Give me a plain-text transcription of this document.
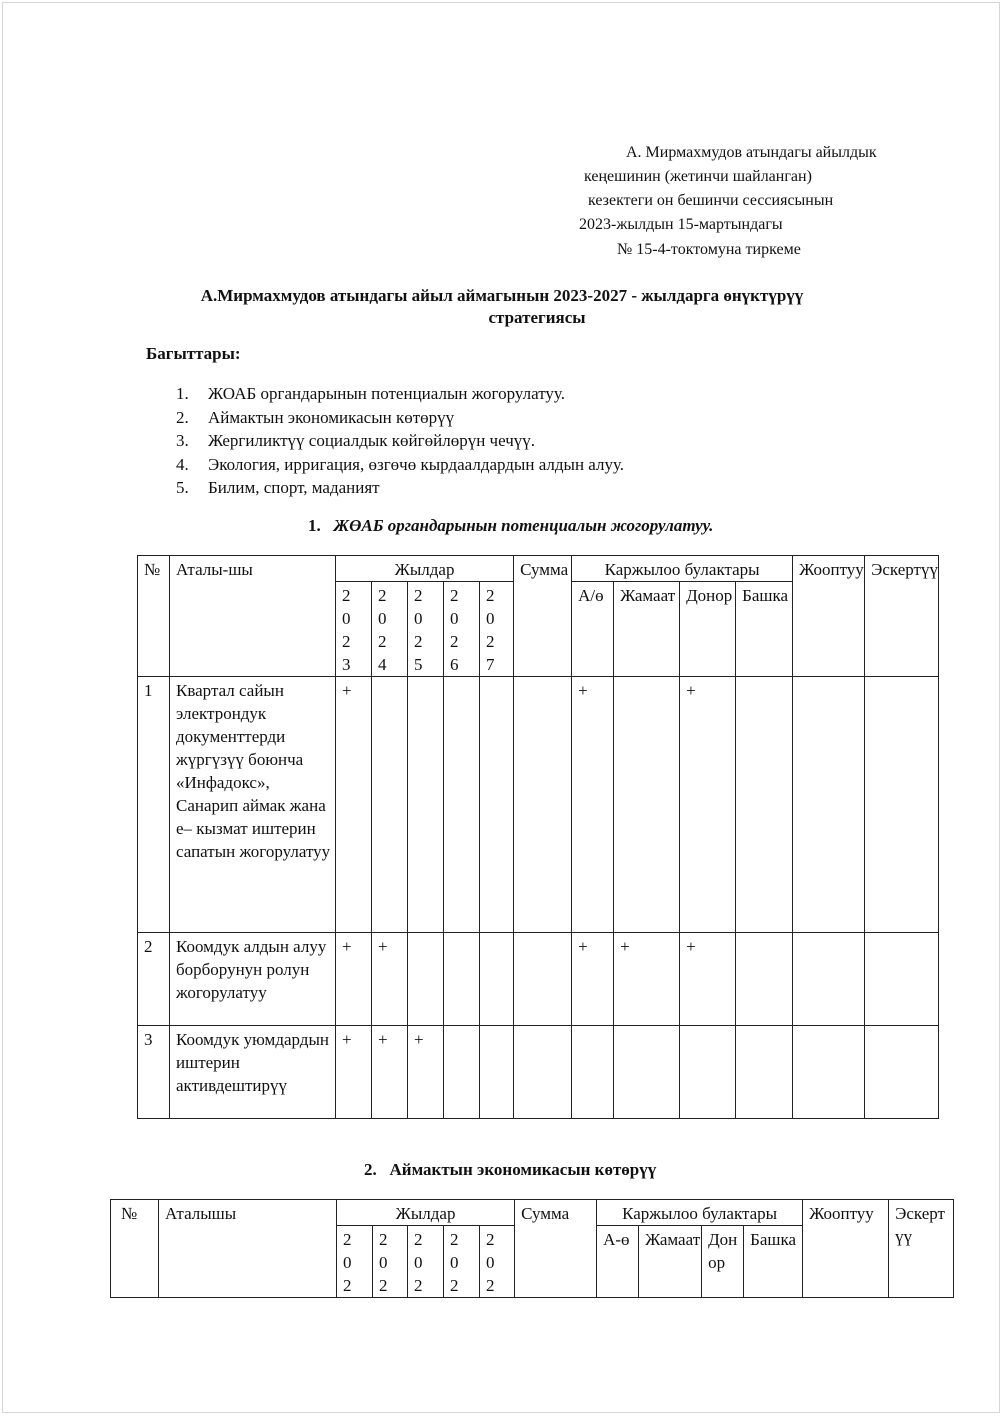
А. Мирмахмудов атындагы айылдык
кеңешинин (жетинчи шайланган)
кезектеги он бешинчи сессиясынын
2023-жылдын 15-мартындагы
№ 15-4-токтомуна тиркеме
А.Мирмахмудов атындагы айыл аймагынын 2023-2027 - жылдарга өнүктүрүү
стратегиясы
Багыттары:
1. ЖОАБ органдарынын потенциалын жогорулатуу.
2. Аймактын экономикасын көтөрүү
3. Жергиликтүү социалдык көйгөйлөрүн чечүү.
4. Экология, ирригация, өзгөчө кырдаалдардын алдын алуу.
5. Билим, спорт, маданият
1. ЖӨАБ органдарынын потенциалын жогорулатуу.
№	Аталы-шы	Жылдар					Сумма	Каржылоо булактары				Жооптуу	Эскертүү

		2023	2024	2025	2026	2027		А/ө	Жамаат	Донор	Башка		
1	Квартал сайын электрондук документтерди жүргүзүү боюнча «Инфадокс», Санарип аймак жана е– кызмат иштерин сапатын жогорулатуу	+						+		+			
2	Коомдук алдын алуу борборунун ролун жогорулатуу	+	+					+	+	+			
3	Коомдук уюмдардын иштерин активдештирүү	+	+	+									
2. Аймактын экономикасын көтөрүү
№	Аталышы	Жылдар					Сумма	Каржылоо булактары				Жооптуу	Эскертүү

		202	202	202	202	202		А-ө	Жамаат	Донор	Башка		
